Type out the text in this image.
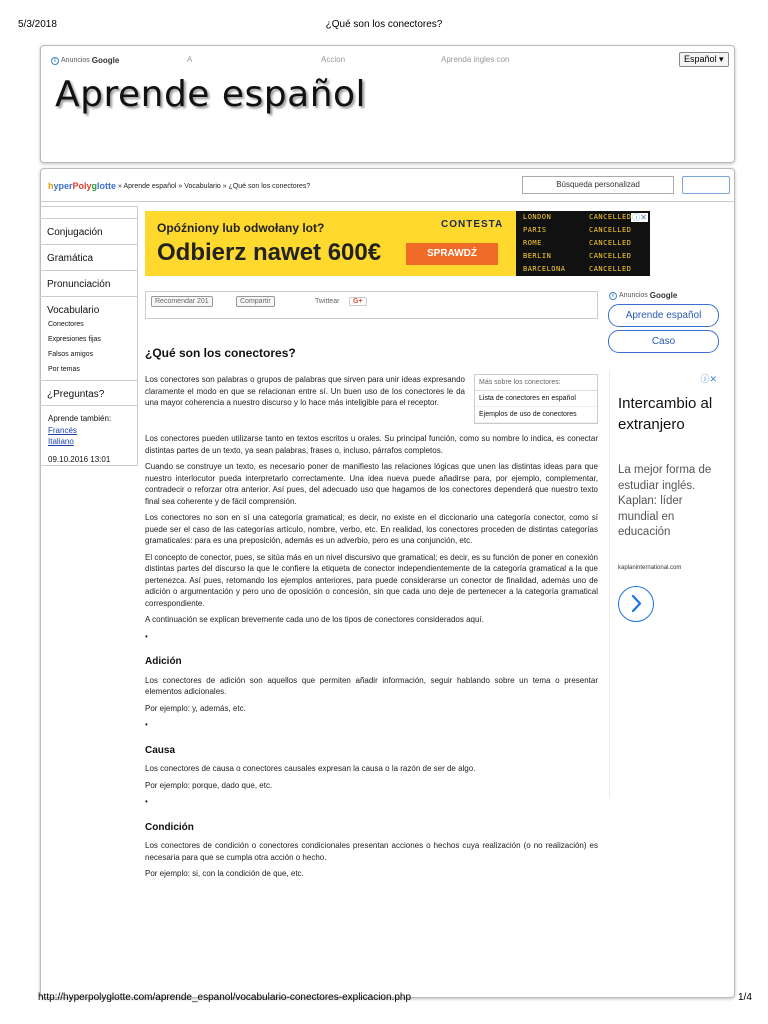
5/3/2018	¿Qué son los conectores?
i Anuncios Google	A	Accion	Aprenda ingles con	Español ▾
Aprende español
hyperPolyglotte » Aprende español » Vocabulario » ¿Qué son los conectores?	Búsqueda personalizad
Conjugación
Gramática
Pronunciación
Vocabulario
Conectores
Expresiones fijas
Falsos amigos
Por temas
¿Preguntas?
Aprende también:
Francés
Italiano
09.10.2016 13:01
Opóźniony lub odwołany lot?
Odbierz nawet 600€
CONTESTA
SPRAWDŹ
LONDON	CANCELLED
PARIS	CANCELLED
ROME	CANCELLED
BERLIN	CANCELLED
BARCELONA	CANCELLED
ⓘ✕
Recomendar 201	Compartir	Twittear	G+
¿Qué son los conectores?
Más sobre los conectores:
Lista de conectores en español
Ejemplos de uso de conectores

Los conectores son palabras o grupos de palabras que sirven para unir ideas expresando claramente el modo en que se relacionan entre sí. Un buen uso de los conectores le da una mayor coherencia a nuestro discurso y lo hace más inteligible para el receptor.

Los conectores pueden utilizarse tanto en textos escritos u orales. Su principal función, como su nombre lo indica, es conectar distintas partes de un texto, ya sean palabras, frases o, incluso, párrafos completos.

Cuando se construye un texto, es necesario poner de manifiesto las relaciones lógicas que unen las distintas ideas para que nuestro interlocutor pueda interpretarlo correctamente. Una idea nueva puede añadirse para, por ejemplo, complementar, contradecir o reforzar otra anterior. Así pues, del adecuado uso que hagamos de los conectores dependerá que nuestro texto final sea coherente y de fácil comprensión.

Los conectores no son en sí una categoría gramatical; es decir, no existe en el diccionario una categoría conector, como sí puede ser el caso de las categorías artículo, nombre, verbo, etc. En realidad, los conectores proceden de distintas categorías gramaticales: para es una preposición, además es un adverbio, pero es una conjunción, etc.

El concepto de conector, pues, se sitúa más en un nivel discursivo que gramatical; es decir, es su función de poner en conexión distintas partes del discurso la que le confiere la etiqueta de conector independientemente de la categoría gramatical a la que pertenezca. Así pues, retomando los ejemplos anteriores, para puede considerarse un conector de finalidad, además uno de adición o argumentación y pero uno de oposición o concesión, sin que cada uno deje de pertenecer a la categoría gramatical correspondiente.

A continuación se explican brevemente cada uno de los tipos de conectores considerados aquí.

•
Adición

Los conectores de adición son aquellos que permiten añadir información, seguir hablando sobre un tema o presentar elementos adicionales.

Por ejemplo: y, además, etc.

•
Causa

Los conectores de causa o conectores causales expresan la causa o la razón de ser de algo.

Por ejemplo: porque, dado que, etc.

•
Condición

Los conectores de condición o conectores condicionales presentan acciones o hechos cuya realización (o no realización) es necesaria para que se cumpla otra acción o hecho.

Por ejemplo: si, con la condición de que, etc.

i Anuncios Google
Aprende español
Caso
ⓘ✕
Intercambio al extranjero
La mejor forma de estudiar inglés. Kaplan: líder mundial en educación
kaplaninternational.com
http://hyperpolyglotte.com/aprende_espanol/vocabulario-conectores-explicacion.php	1/4
